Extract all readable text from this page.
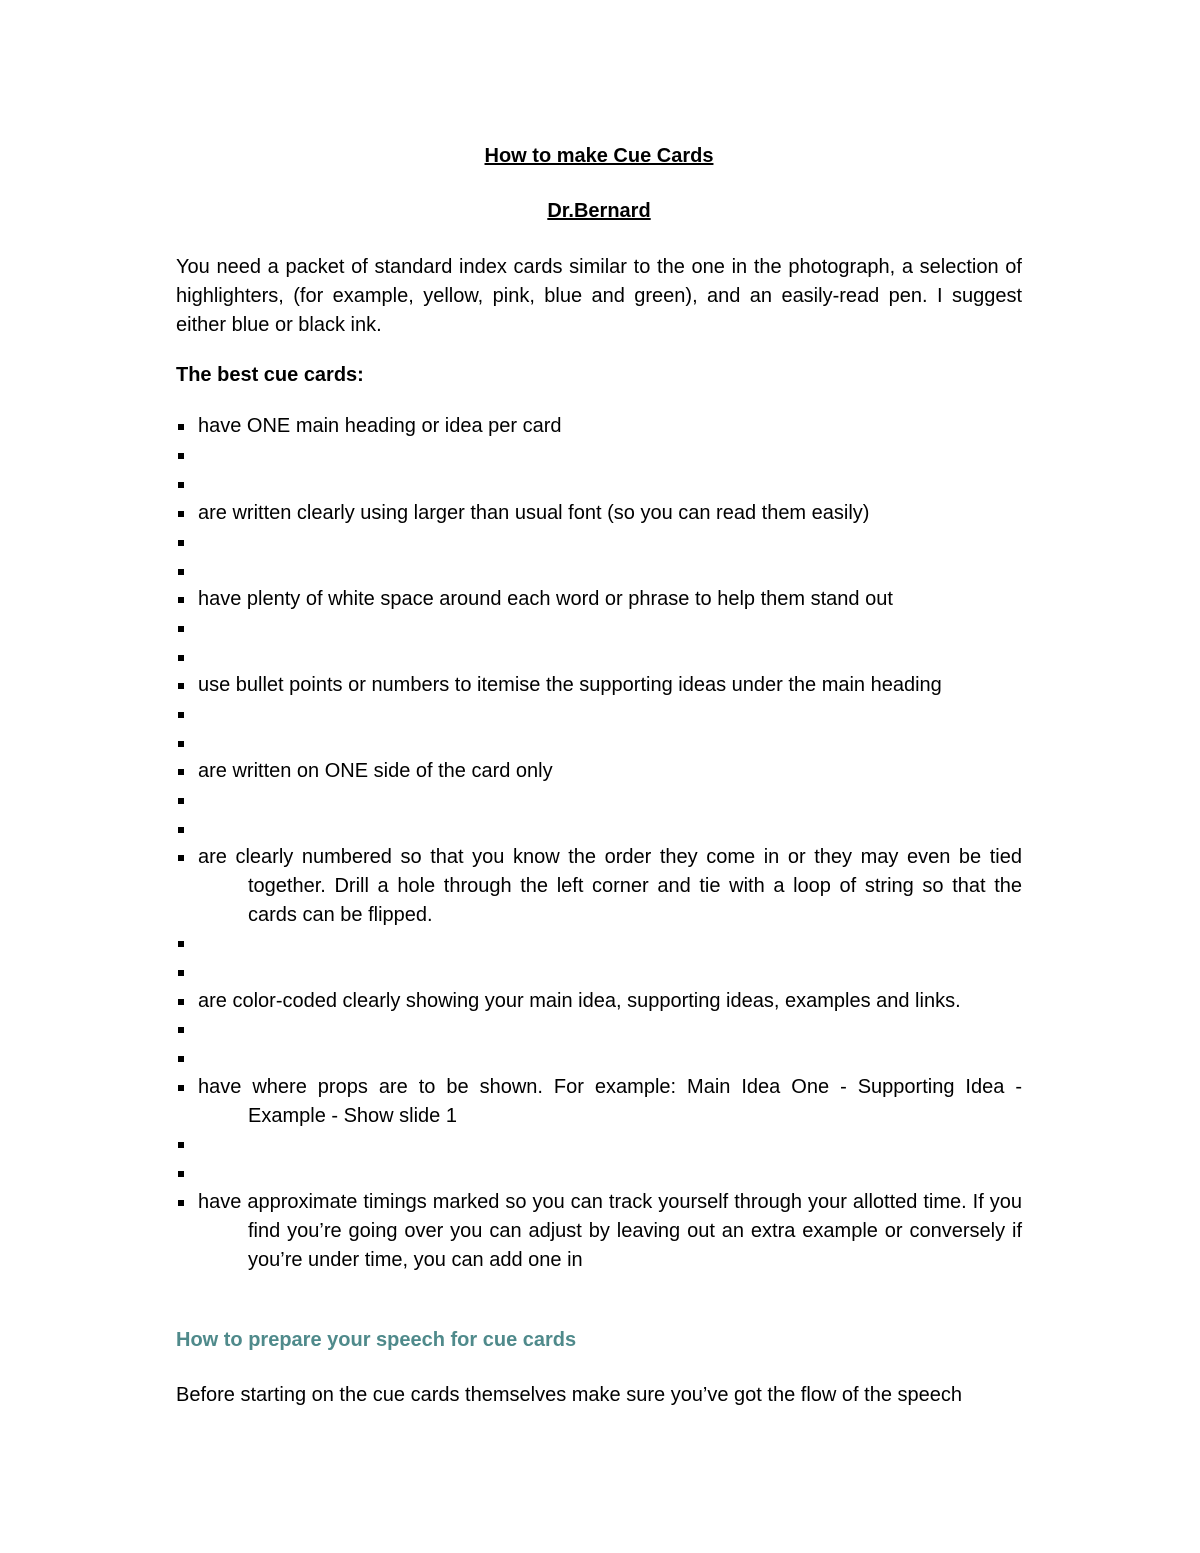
How to make Cue Cards
Dr.Bernard
You need a packet of standard index cards similar to the one in the photograph, a selection of highlighters, (for example, yellow, pink, blue and green), and an easily-read pen. I suggest either blue or black ink.
The best cue cards:
have ONE main heading or idea per card
are written clearly using larger than usual font (so you can read them easily)
have plenty of white space around each word or phrase to help them stand out
use bullet points or numbers to itemise the supporting ideas under the main heading
are written on ONE side of the card only
are clearly numbered so that you know the order they come in or they may even be tied together. Drill a hole through the left corner and tie with a loop of string so that the cards can be flipped.
are color-coded clearly showing your main idea, supporting ideas, examples and links.
have where props are to be shown. For example: Main Idea One - Supporting Idea - Example - Show slide 1
have approximate timings marked so you can track yourself through your allotted time. If you find you’re going over you can adjust by leaving out an extra example or conversely if you’re under time, you can add one in
How to prepare your speech for cue cards
Before starting on the cue cards themselves make sure you’ve got the flow of the speech
